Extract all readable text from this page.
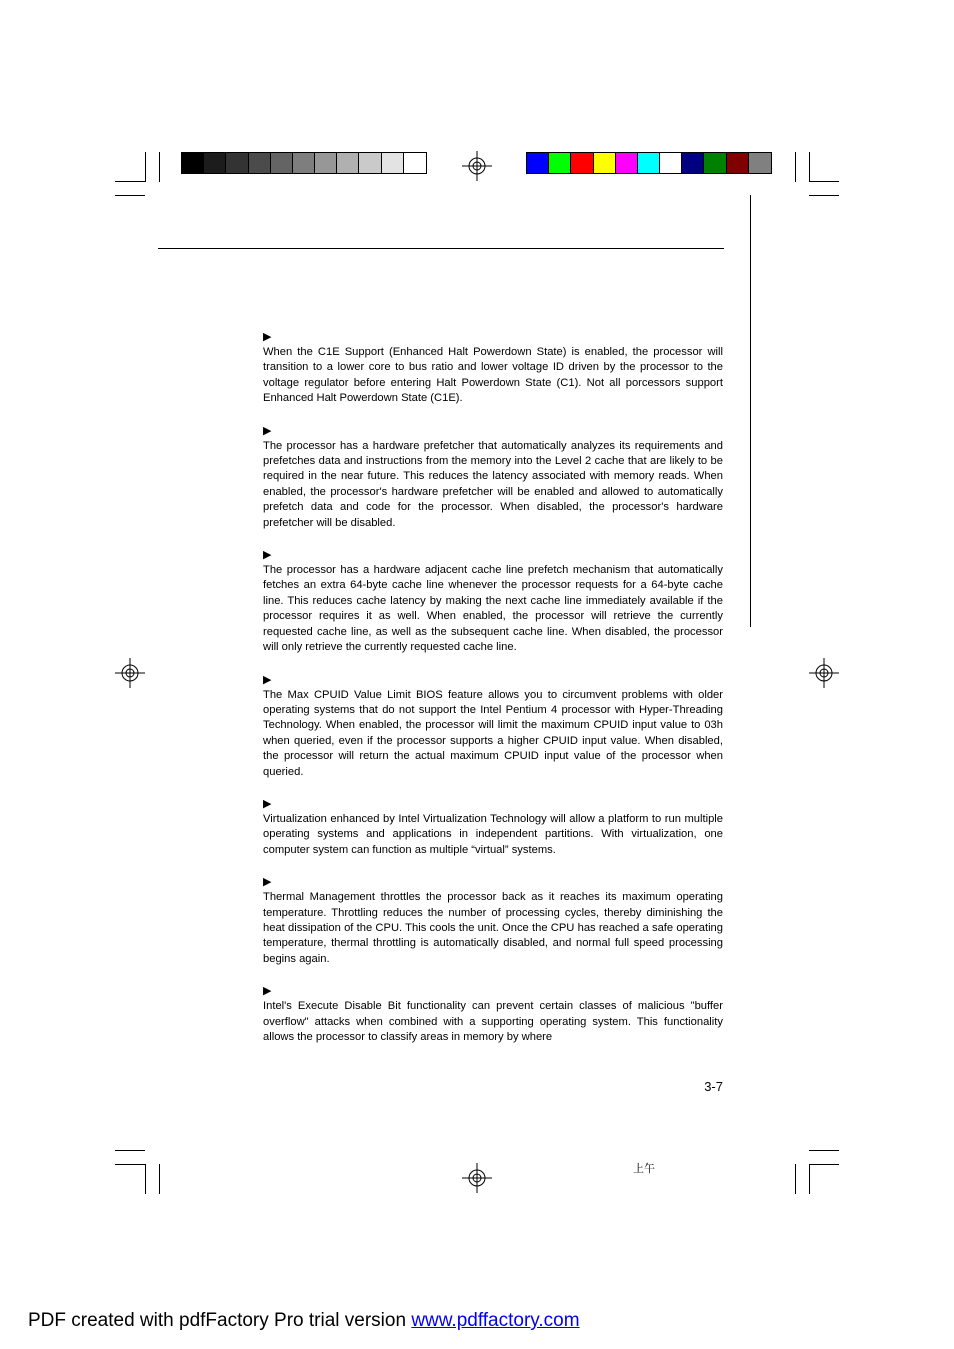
▶

When the C1E Support (Enhanced Halt Powerdown State) is enabled, the processor will transition to a lower core to bus ratio and lower voltage ID driven by the processor to the voltage regulator before entering Halt Powerdown State (C1). Not all porcessors support Enhanced Halt Powerdown State (C1E).

▶

The processor has a hardware prefetcher that automatically analyzes its requirements and prefetches data and instructions from the memory into the Level 2 cache that are likely to be required in the near future. This reduces the latency associated with memory reads. When enabled, the processor's hardware prefetcher will be enabled and allowed to automatically prefetch data and code for the processor. When disabled, the processor's hardware prefetcher will be disabled.

▶

The processor has a hardware adjacent cache line prefetch mechanism that automatically fetches an extra 64-byte cache line whenever the processor requests for a 64-byte cache line. This reduces cache latency by making the next cache line immediately available if the processor requires it as well. When enabled, the processor will retrieve the currently requested cache line, as well as the subsequent cache line. When disabled, the processor will only retrieve the currently requested cache line.

▶

The Max CPUID Value Limit BIOS feature allows you to circumvent problems with older operating systems that do not support the Intel Pentium 4 processor with Hyper-Threading Technology. When enabled, the processor will limit the maximum CPUID input value to 03h when queried, even if the processor supports a higher CPUID input value. When disabled, the processor will return the actual maximum CPUID input value of the processor when queried.

▶

Virtualization enhanced by Intel Virtualization Technology will allow a platform to run multiple operating systems and applications in independent partitions. With virtualization, one computer system can function as multiple “virtual” systems.

▶

Thermal Management throttles the processor back as it reaches its maximum operating temperature. Throttling reduces the number of processing cycles, thereby diminishing the heat dissipation of the CPU. This cools the unit. Once the CPU has reached a safe operating temperature, thermal throttling is automatically disabled, and normal full speed processing begins again.

▶

Intel's Execute Disable Bit functionality can prevent certain classes of malicious "buffer overflow" attacks when combined with a supporting operating system. This functionality allows the processor to classify areas in memory by where

3-7
上午
PDF created with pdfFactory Pro trial version www.pdffactory.com
